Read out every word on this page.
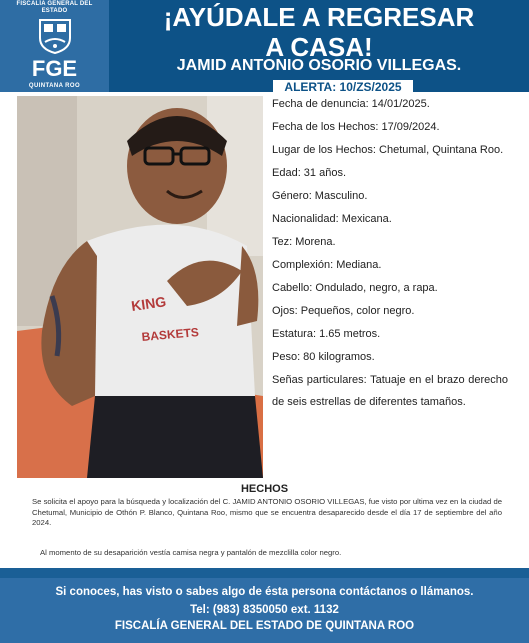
FISCALÍA GENERAL DEL ESTADO
FGE
QUINTANA ROO
¡AYÚDALE A REGRESAR
A CASA!
JAMID ANTONIO OSORIO VILLEGAS.
ALERTA: 10/ZS/2025
KING
BASKETS
Fecha de denuncia: 14/01/2025.
Fecha de los Hechos: 17/09/2024.
Lugar de los Hechos: Chetumal, Quintana Roo.
Edad: 31 años.
Género: Masculino.
Nacionalidad: Mexicana.
Tez: Morena.
Complexión: Mediana.
Cabello: Ondulado, negro, a rapa.
Ojos: Pequeños, color negro.
Estatura: 1.65 metros.
Peso: 80 kilogramos.
Señas particulares: Tatuaje en el brazo derecho de seis estrellas de diferentes tamaños.
HECHOS
Se solicita el apoyo para la búsqueda y localización del C. JAMID ANTONIO OSORIO VILLEGAS, fue visto por ultima vez en la ciudad de Chetumal, Municipio de Othón P. Blanco, Quintana Roo, mismo que se encuentra desaparecido desde el día 17 de septiembre del año 2024.
Al momento de su desaparición vestía camisa negra y pantalón de mezclilla color negro.
Si conoces, has visto o sabes algo de ésta persona contáctanos o llámanos.
Tel: (983) 8350050 ext. 1132
FISCALÍA GENERAL DEL ESTADO DE QUINTANA ROO
